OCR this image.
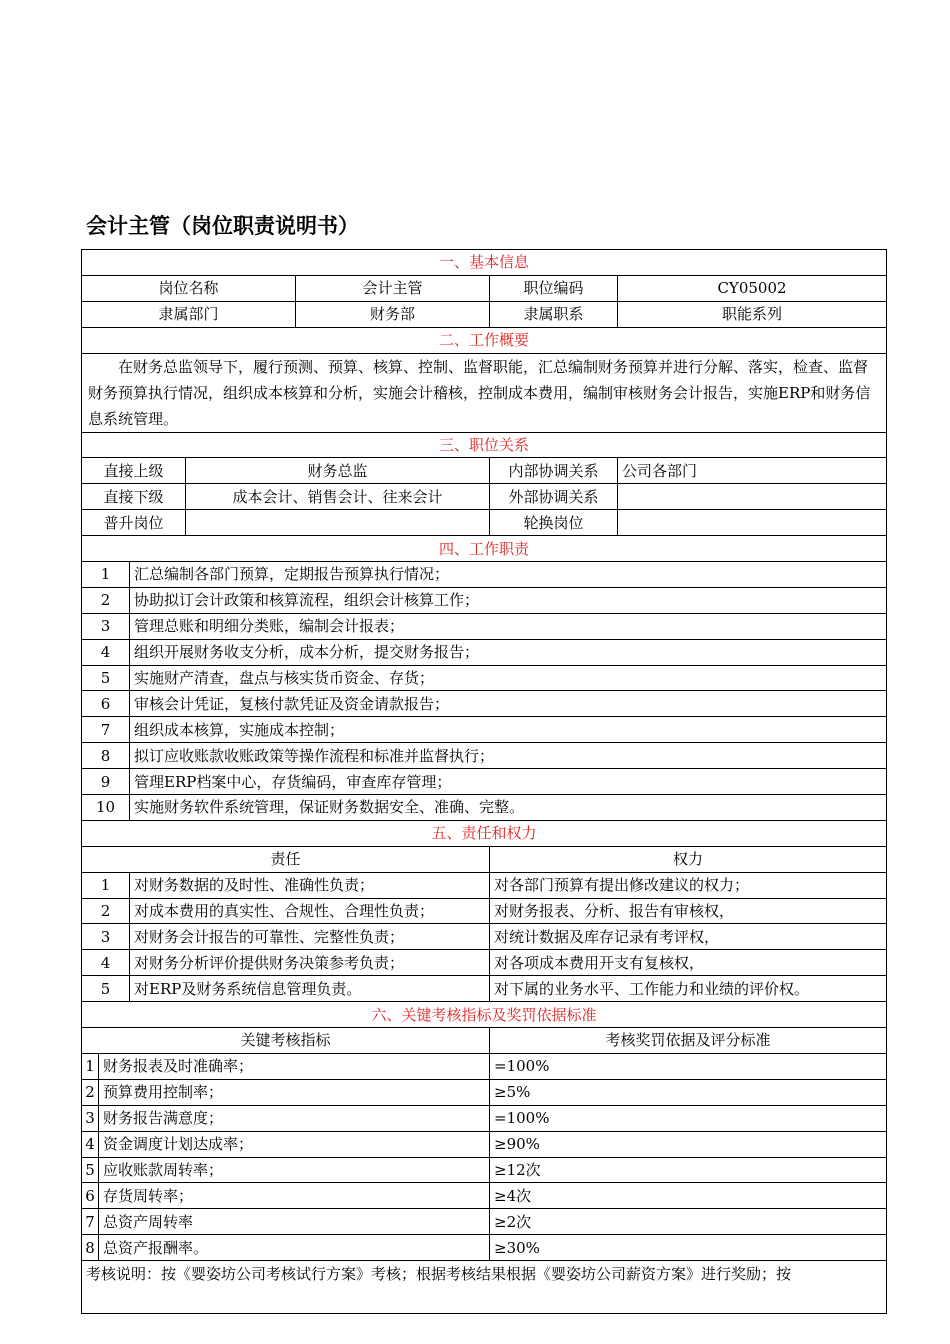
会计主管（岗位职责说明书）
一、基本信息						
岗位名称				会计主管	职位编码	CY05002
隶属部门				财务部	隶属职系	职能系列
二、工作概要						
在财务总监领导下，履行预测、预算、核算、控制、监督职能，汇总编制财务预算并进行分解、落实，检查、监督财务预算执行情况，组织成本核算和分析，实施会计稽核，控制成本费用，编制审核财务会计报告，实施ERP和财务信息系统管理。						
三、职位关系						
直接上级			财务总监		内部协调关系	公司各部门
直接下级			成本会计、销售会计、往来会计		外部协调关系	
普升岗位					轮换岗位	
四、工作职责						
1		汇总编制各部门预算，定期报告预算执行情况；				
2		协助拟订会计政策和核算流程，组织会计核算工作；				
3		管理总账和明细分类账，编制会计报表；				
4		组织开展财务收支分析，成本分析，提交财务报告；				
5		实施财产清查，盘点与核实货币资金、存货；				
6		审核会计凭证，复核付款凭证及资金请款报告；				
7		组织成本核算，实施成本控制；				
8		拟订应收账款收账政策等操作流程和标准并监督执行；				
9		管理ERP档案中心，存货编码，审查库存管理；				
10		实施财务软件系统管理，保证财务数据安全、准确、完整。				
五、责任和权力						
责任					权力	
1		对财务数据的及时性、准确性负责；			对各部门预算有提出修改建议的权力；	
2		对成本费用的真实性、合规性、合理性负责；			对财务报表、分析、报告有审核权，	
3		对财务会计报告的可靠性、完整性负责；			对统计数据及库存记录有考评权，	
4		对财务分析评价提供财务决策参考负责；			对各项成本费用开支有复核权，	
5		对ERP及财务系统信息管理负责。			对下属的业务水平、工作能力和业绩的评价权。	
六、关键考核指标及奖罚依据标准						
关键考核指标					考核奖罚依据及评分标准	
1	财务报表及时准确率；				=100%	
2	预算费用控制率；				≥5%	
3	财务报告满意度；				=100%	
4	资金调度计划达成率；				≥90%	
5	应收账款周转率；				≥12次	
6	存货周转率；				≥4次	
7	总资产周转率				≥2次	
8	总资产报酬率。				≥30%	
考核说明：按《婴姿坊公司考核试行方案》考核；根据考核结果根据《婴姿坊公司薪资方案》进行奖励；按						
